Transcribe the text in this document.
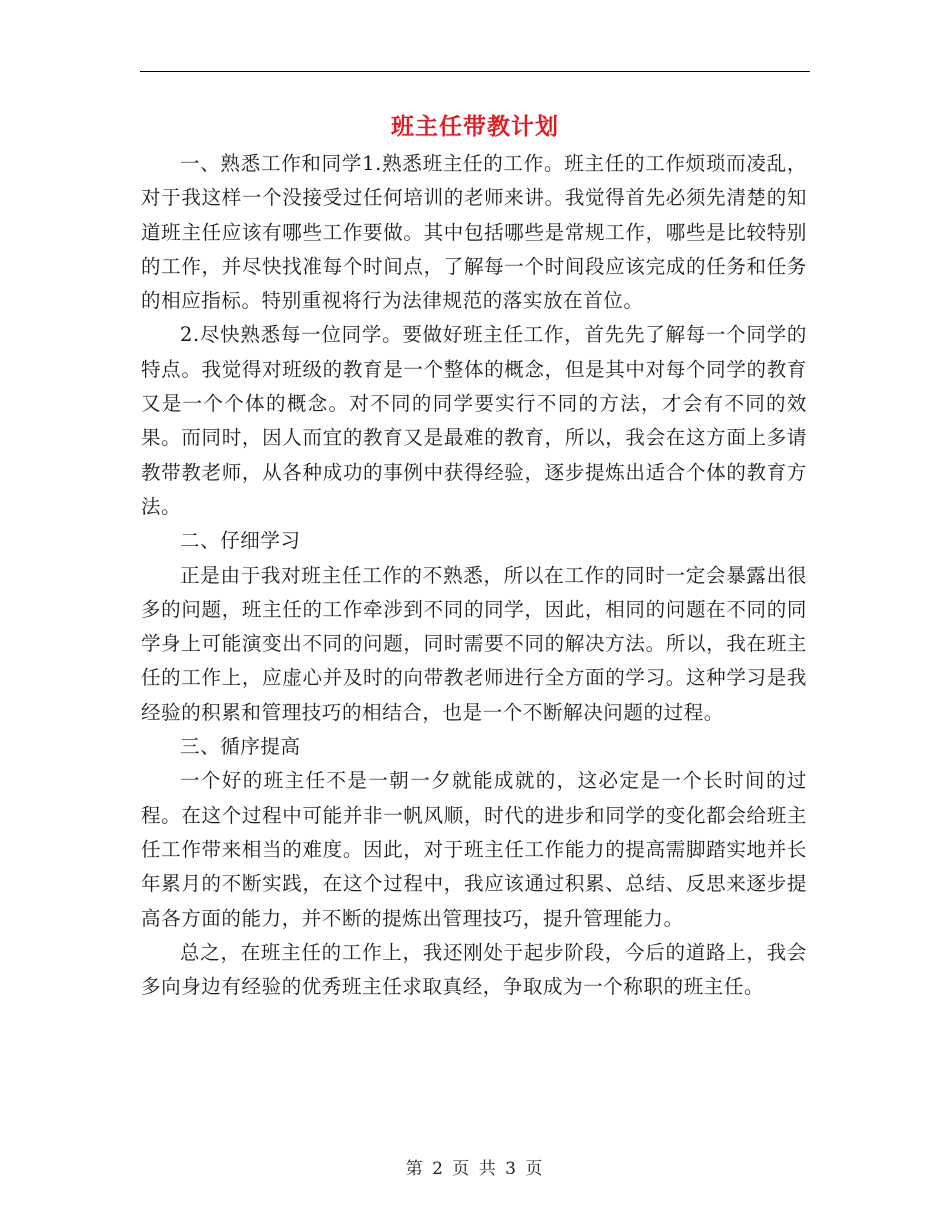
班主任带教计划

一、熟悉工作和同学1.熟悉班主任的工作。班主任的工作烦琐而凌乱，对于我这样一个没接受过任何培训的老师来讲。我觉得首先必须先清楚的知道班主任应该有哪些工作要做。其中包括哪些是常规工作，哪些是比较特别的工作，并尽快找准每个时间点，了解每一个时间段应该完成的任务和任务的相应指标。特别重视将行为法律规范的落实放在首位。

2.尽快熟悉每一位同学。要做好班主任工作，首先先了解每一个同学的特点。我觉得对班级的教育是一个整体的概念，但是其中对每个同学的教育又是一个个体的概念。对不同的同学要实行不同的方法，才会有不同的效果。而同时，因人而宜的教育又是最难的教育，所以，我会在这方面上多请教带教老师，从各种成功的事例中获得经验，逐步提炼出适合个体的教育方法。

二、仔细学习

正是由于我对班主任工作的不熟悉，所以在工作的同时一定会暴露出很多的问题，班主任的工作牵涉到不同的同学，因此，相同的问题在不同的同学身上可能演变出不同的问题，同时需要不同的解决方法。所以，我在班主任的工作上，应虚心并及时的向带教老师进行全方面的学习。这种学习是我经验的积累和管理技巧的相结合，也是一个不断解决问题的过程。

三、循序提高

一个好的班主任不是一朝一夕就能成就的，这必定是一个长时间的过程。在这个过程中可能并非一帆风顺，时代的进步和同学的变化都会给班主任工作带来相当的难度。因此，对于班主任工作能力的提高需脚踏实地并长年累月的不断实践，在这个过程中，我应该通过积累、总结、反思来逐步提高各方面的能力，并不断的提炼出管理技巧，提升管理能力。

总之，在班主任的工作上，我还刚处于起步阶段，今后的道路上，我会多向身边有经验的优秀班主任求取真经，争取成为一个称职的班主任。

第 2 页 共 3 页
